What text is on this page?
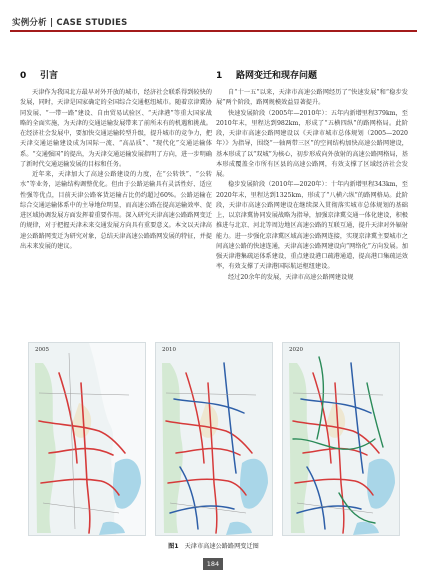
实例分析 | CASE STUDIES
0 引言

天津作为我国北方最早对外开放的城市，经济社会联系得到较快的发展，同时，天津是国家确定的全国综合交通枢纽城市。随着京津冀协同发展、“一带一路”建设、自由贸易试验区、“天津港”等重大国家战略的全面实施，为天津的交通运输发展带来了前所未有的机遇和挑战。在经济社会发展中，要加快交通运输转型升级，提升城市的竞争力，把天津交通运输建设成为国际一流、“高品质”、“现代化”交通运输体系。“交通强国”的提出，为天津交通运输发展指明了方向，进一步明确了新时代交通运输发展的目标和任务。

近年来，天津加大了高速公路建设的力度，在“公转铁”、“公转水”等业务，运输结构调整优化。但由于公路运输具有灵活性好、适应性强等优点，目前天津公路客货运输占比仍约超过60%。公路运输在综合交通运输体系中的主导地位明显，而高速公路在提高运输效率、促进区域协调发展方面发挥着重要作用。深入研究天津高速公路路网变迁的规律，对于把握天津未来交通发展方向具有重要意义。本文以天津高速公路路网变迁为研究对象，总结天津高速公路路网发展的特征，并提出未来发展的建议。

1 路网变迁和现存问题

自“十一五”以来，天津市高速公路网经历了“快速发展”和“稳步发展”两个阶段，路网规模效益显著提升。

快速发展阶段（2005年—2010年）：五年内新增里程379km，至2010年末，里程达到982km，形成了“五横四纵”的路网格局。此阶段，天津市高速公路网建设以《天津市城市总体规划（2005—2020年）》为指导，围绕“一轴两带三区”的空间结构加快高速公路网建设，基本形成了以“双城”为核心，初步形成向外放射的高速公路网格局，基本形成覆盖全市所有区县的高速公路网，有效支撑了区域经济社会发展。

稳步发展阶段（2010年—2020年）：十年内新增里程343km，至2020年末，里程达到1325km，形成了“八横六纵”的路网格局。此阶段，天津市高速公路网建设在继续深入贯彻落实城市总体规划的基础上，以京津冀协同发展战略为指导，加强京津冀交通一体化建设，积极推进与北京、河北等周边地区高速公路的互联互通，提升天津对外辐射能力。进一步强化京津冀区域高速公路网连接，实现京津冀主要城市之间高速公路的快速连通，天津高速公路网建设向“网络化”方向发展。加强天津港集疏运体系建设，重点建设港口疏港通道，提高港口集疏运效率，有效支撑了天津港国际航运枢纽建设。

经过20余年的发展，天津市高速公路网建设规

2005	2010	2020
图1 天津市高速公路路网变迁图
184
